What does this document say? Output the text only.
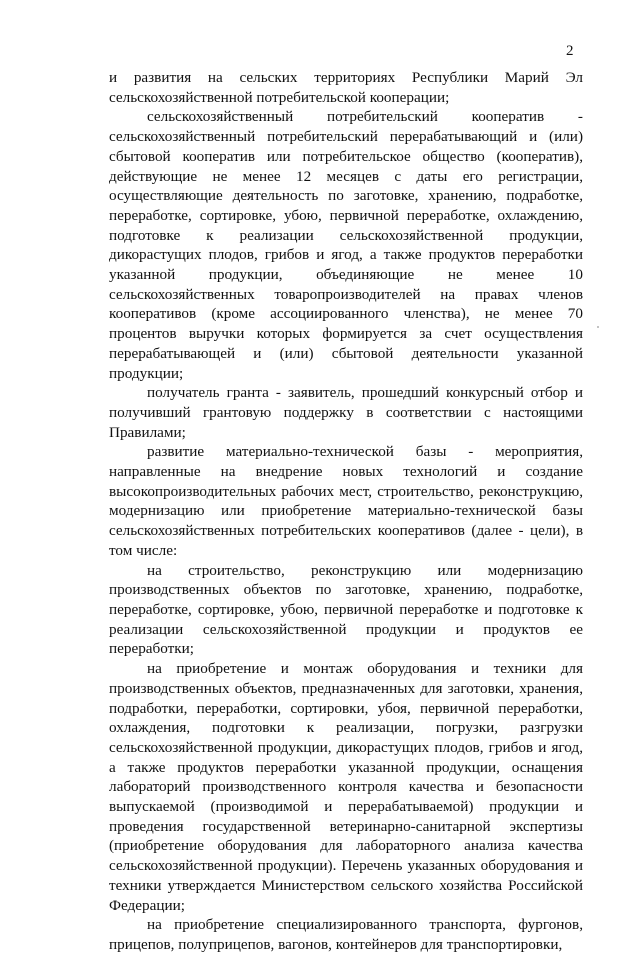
2

и развития на сельских территориях Республики Марий Эл сельскохозяйственной потребительской кооперации;

сельскохозяйственный потребительский кооператив - сельскохозяйственный потребительский перерабатывающий и (или) сбытовой кооператив или потребительское общество (кооператив), действующие не менее 12 месяцев с даты его регистрации, осуществляющие деятельность по заготовке, хранению, подработке, переработке, сортировке, убою, первичной переработке, охлаждению, подготовке к реализации сельскохозяйственной продукции, дикорастущих плодов, грибов и ягод, а также продуктов переработки указанной продукции, объединяющие не менее 10 сельскохозяйственных товаропроизводителей на правах членов кооперативов (кроме ассоциированного членства), не менее 70 процентов выручки которых формируется за счет осуществления перерабатывающей и (или) сбытовой деятельности указанной продукции;

получатель гранта - заявитель, прошедший конкурсный отбор и получивший грантовую поддержку в соответствии с настоящими Правилами;

развитие материально-технической базы - мероприятия, направленные на внедрение новых технологий и создание высокопроизводительных рабочих мест, строительство, реконструкцию, модернизацию или приобретение материально-технической базы сельскохозяйственных потребительских кооперативов (далее - цели), в том числе:

на строительство, реконструкцию или модернизацию производственных объектов по заготовке, хранению, подработке, переработке, сортировке, убою, первичной переработке и подготовке к реализации сельскохозяйственной продукции и продуктов ее переработки;

на приобретение и монтаж оборудования и техники для производственных объектов, предназначенных для заготовки, хранения, подработки, переработки, сортировки, убоя, первичной переработки, охлаждения, подготовки к реализации, погрузки, разгрузки сельскохозяйственной продукции, дикорастущих плодов, грибов и ягод, а также продуктов переработки указанной продукции, оснащения лабораторий производственного контроля качества и безопасности выпускаемой (производимой и перерабатываемой) продукции и проведения государственной ветеринарно-санитарной экспертизы (приобретение оборудования для лабораторного анализа качества сельскохозяйственной продукции). Перечень указанных оборудования и техники утверждается Министерством сельского хозяйства Российской Федерации;

на приобретение специализированного транспорта, фургонов, прицепов, полуприцепов, вагонов, контейнеров для транспортировки,
